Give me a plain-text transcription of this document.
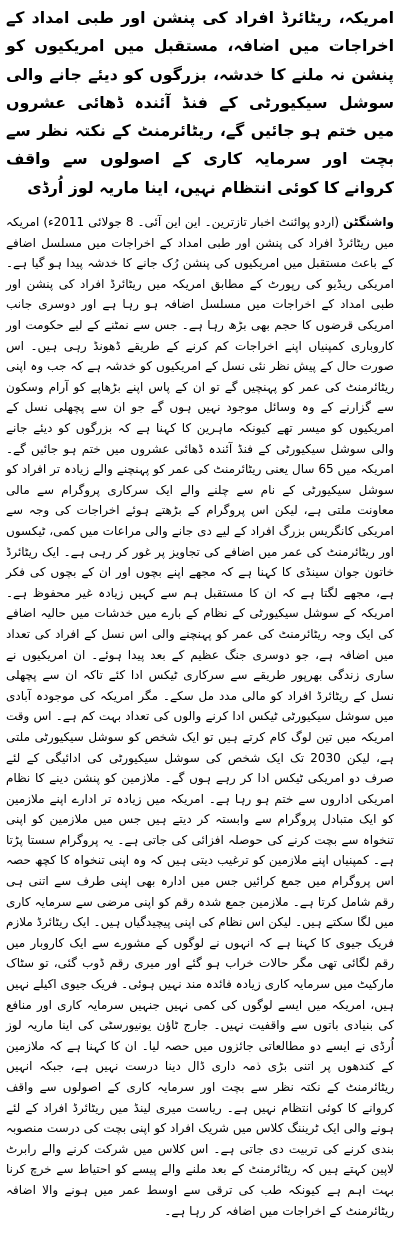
امریکہ، ریٹائرڈ افراد کی پنشن اور طبی امداد کے اخراجات میں اضافہ، مستقبل میں امریکیوں کو پنشن نہ ملنے کا خدشہ، بزرگوں کو دیئے جانے والی سوشل سیکیورٹی کے فنڈ آئندہ ڈھائی عشروں میں ختم ہو جائیں گے، ریٹائرمنٹ کے نکتہ نظر سے بچت اور سرمایہ کاری کے اصولوں سے واقف کروانے کا کوئی انتظام نہیں، اینا ماریہ لوز اُرڈی

واشنگٹن (اردو پوائنٹ اخبار تازترین۔ این این آئی۔ 8 جولائی 2011ء) امریکہ میں ریٹائرڈ افراد کی پنشن اور طبی امداد کے اخراجات میں مسلسل اضافے کے باعث مستقبل میں امریکیوں کی پنشن رُک جانے کا خدشہ پیدا ہو گیا ہے۔ امریکی ریڈیو کی رپورٹ کے مطابق امریکہ میں ریٹائرڈ افراد کی پنشن اور طبی امداد کے اخراجات میں مسلسل اضافہ ہو رہا ہے اور دوسری جانب امریکی قرضوں کا حجم بھی بڑھ رہا ہے۔ جس سے نمٹنے کے لیے حکومت اور کاروباری کمپنیاں اپنے اخراجات کم کرنے کے طریقے ڈھونڈ رہی ہیں۔ اس صورت حال کے پیش نظر نئی نسل کے امریکیوں کو خدشہ ہے کہ جب وہ اپنی ریٹائرمنٹ کی عمر کو پہنچیں گے تو ان کے پاس اپنے بڑھاپے کو آرام وسکون سے گزارنے کے وہ وسائل موجود نہیں ہوں گے جو ان سے پچھلی نسل کے امریکیوں کو میسر تھے کیونکہ ماہرین کا کہنا ہے کہ بزرگوں کو دیئے جانے والی سوشل سیکیورٹی کے فنڈ آئندہ ڈھائی عشروں میں ختم ہو جائیں گے۔ امریکہ میں 65 سال یعنی ریٹائرمنٹ کی عمر کو پہنچنے والے زیادہ تر افراد کو سوشل سیکیورٹی کے نام سے چلنے والے ایک سرکاری پروگرام سے مالی معاونت ملتی ہے، لیکن اس پروگرام کے بڑھتے ہوئے اخراجات کی وجہ سے امریکی کانگریس بزرگ افراد کے لیے دی جانے والی مراعات میں کمی، ٹیکسوں اور ریٹائرمنٹ کی عمر میں اضافے کی تجاویز پر غور کر رہی ہے۔ ایک ریٹائرڈ خاتون جوان سینڈی کا کہنا ہے کہ مجھے اپنے بچوں اور ان کے بچوں کی فکر ہے، مجھے لگتا ہے کہ ان کا مستقبل ہم سے کہیں زیادہ غیر محفوظ ہے۔ امریکہ کے سوشل سیکیورٹی کے نظام کے بارے میں خدشات میں حالیہ اضافے کی ایک وجہ ریٹائرمنٹ کی عمر کو پہنچنے والی اس نسل کے افراد کی تعداد میں اضافہ ہے، جو دوسری جنگ عظیم کے بعد پیدا ہوئے۔ ان امریکیوں نے ساری زندگی بھرپور طریقے سے سرکاری ٹیکس ادا کئے تاکہ ان سے پچھلی نسل کے ریٹائرڈ افراد کو مالی مدد مل سکے۔ مگر امریکہ کی موجودہ آبادی میں سوشل سیکیورٹی ٹیکس ادا کرنے والوں کی تعداد بہت کم ہے۔ اس وقت امریکہ میں تین لوگ کام کرتے ہیں تو ایک شخص کو سوشل سیکیورٹی ملتی ہے، لیکن 2030 تک ایک شخص کی سوشل سیکیورٹی کی ادائیگی کے لئے صرف دو امریکی ٹیکس ادا کر رہے ہوں گے۔ ملازمین کو پنشن دینے کا نظام امریکی اداروں سے ختم ہو رہا ہے۔ امریکہ میں زیادہ تر ادارے اپنے ملازمین کو ایک متبادل پروگرام سے وابستہ کر دیتے ہیں جس میں ملازمین کو اپنی تنخواہ سے بچت کرنے کی حوصلہ افزائی کی جاتی ہے۔ یہ پروگرام سستا پڑتا ہے۔ کمپنیاں اپنے ملازمین کو ترغیب دیتی ہیں کہ وہ اپنی تنخواہ کا کچھ حصہ اس پروگرام میں جمع کرائیں جس میں ادارہ بھی اپنی طرف سے اتنی ہی رقم شامل کرتا ہے۔ ملازمین جمع شدہ رقم کو اپنی مرضی سے سرمایہ کاری میں لگا سکتے ہیں۔ لیکن اس نظام کی اپنی پیچیدگیاں ہیں۔ ایک ریٹائرڈ ملازم فریک جیوی کا کہنا ہے کہ انہوں نے لوگوں کے مشورے سے ایک کاروبار میں رقم لگائی تھی مگر حالات خراب ہو گئے اور میری رقم ڈوب گئی، تو سٹاک مارکیٹ میں سرمایہ کاری زیادہ فائدہ مند نہیں ہوئی۔ فریک جیوی اکیلے نہیں ہیں، امریکہ میں ایسے لوگوں کی کمی نہیں جنہیں سرمایہ کاری اور منافع کی بنیادی باتوں سے واقفیت نہیں۔ جارج ٹاؤن یونیورسٹی کی اینا ماریہ لوز اُرڈی نے ایسے دو مطالعاتی جائزوں میں حصہ لیا۔ ان کا کہنا ہے کہ ملازمین کے کندھوں پر اتنی بڑی ذمہ داری ڈال دینا درست نہیں ہے، جبکہ انہیں ریٹائرمنٹ کے نکتہ نظر سے بچت اور سرمایہ کاری کے اصولوں سے واقف کروانے کا کوئی انتظام نہیں ہے۔ ریاست میری لینڈ میں ریٹائرڈ افراد کے لئے ہونے والی ایک ٹریننگ کلاس میں شریک افراد کو اپنی بچت کی درست منصوبہ بندی کرنے کی تربیت دی جاتی ہے۔ اس کلاس میں شرکت کرنے والے رابرٹ لاپین کہتے ہیں کہ ریٹائرمنٹ کے بعد ملنے والے پیسے کو احتیاط سے خرچ کرنا بہت اہم ہے کیونکہ طب کی ترقی سے اوسط عمر میں ہونے والا اضافہ ریٹائرمنٹ کے اخراجات میں اضافہ کر رہا ہے۔
